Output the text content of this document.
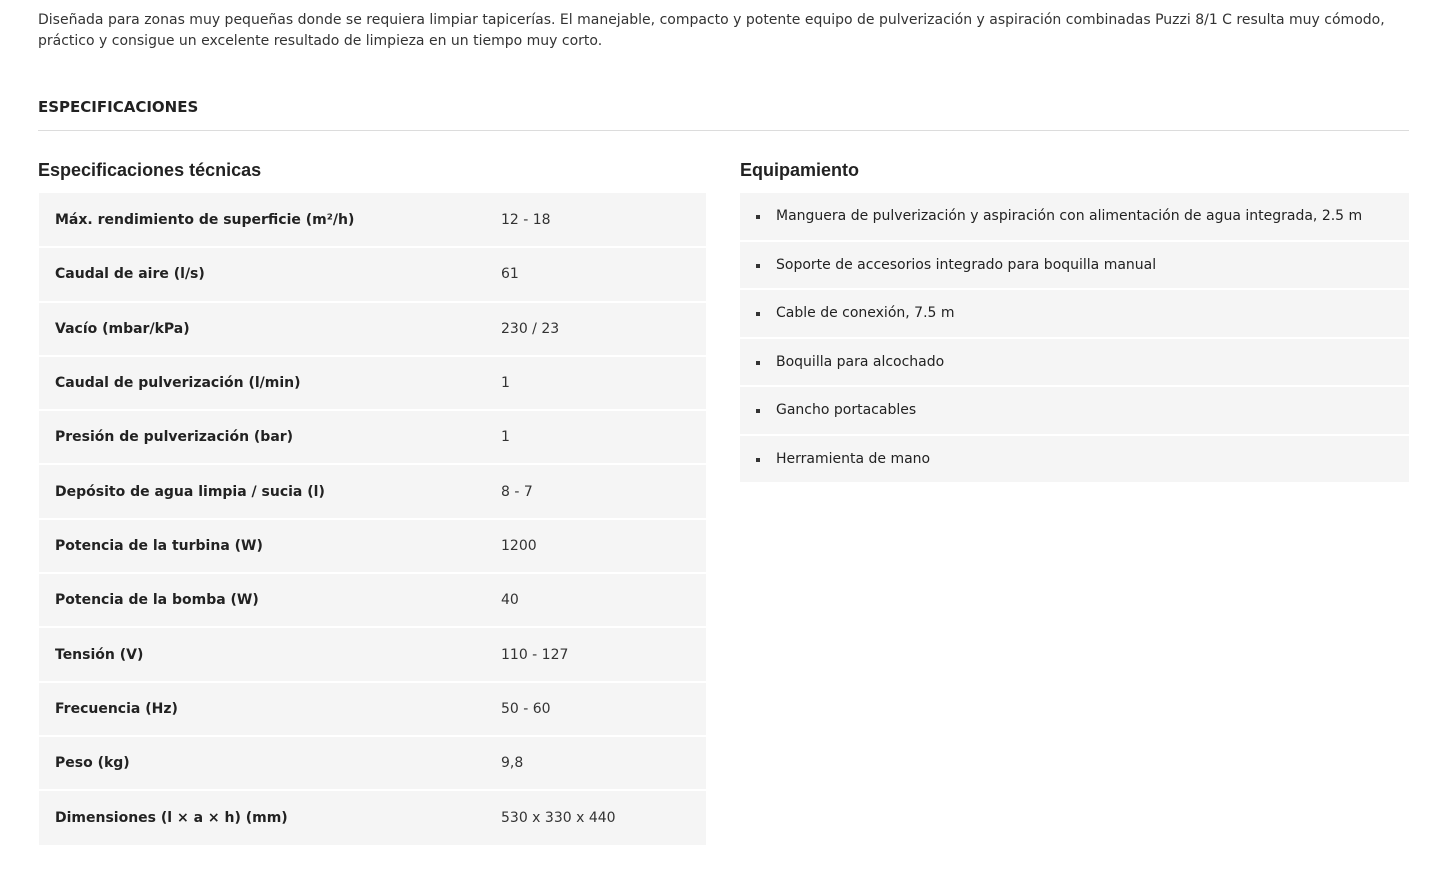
Diseñada para zonas muy pequeñas donde se requiera limpiar tapicerías. El manejable, compacto y potente equipo de pulverización y aspiración combinadas Puzzi 8/1 C resulta muy cómodo, práctico y consigue un excelente resultado de limpieza en un tiempo muy corto.

ESPECIFICACIONES
Especificaciones técnicas	Equipamiento
Máx. rendimiento de superficie (m²/h)	12 - 18
Caudal de aire (l/s)	61
Vacío (mbar/kPa)	230 / 23
Caudal de pulverización (l/min)	1
Presión de pulverización (bar)	1
Depósito de agua limpia / sucia (l)	8 - 7
Potencia de la turbina (W)	1200
Potencia de la bomba (W)	40
Tensión (V)	110 - 127
Frecuencia (Hz)	50 - 60
Peso (kg)	9,8
Dimensiones (l × a × h) (mm)	530 x 330 x 440
Manguera de pulverización y aspiración con alimentación de agua integrada, 2.5 m
Soporte de accesorios integrado para boquilla manual
Cable de conexión, 7.5 m
Boquilla para alcochado
Gancho portacables
Herramienta de mano
